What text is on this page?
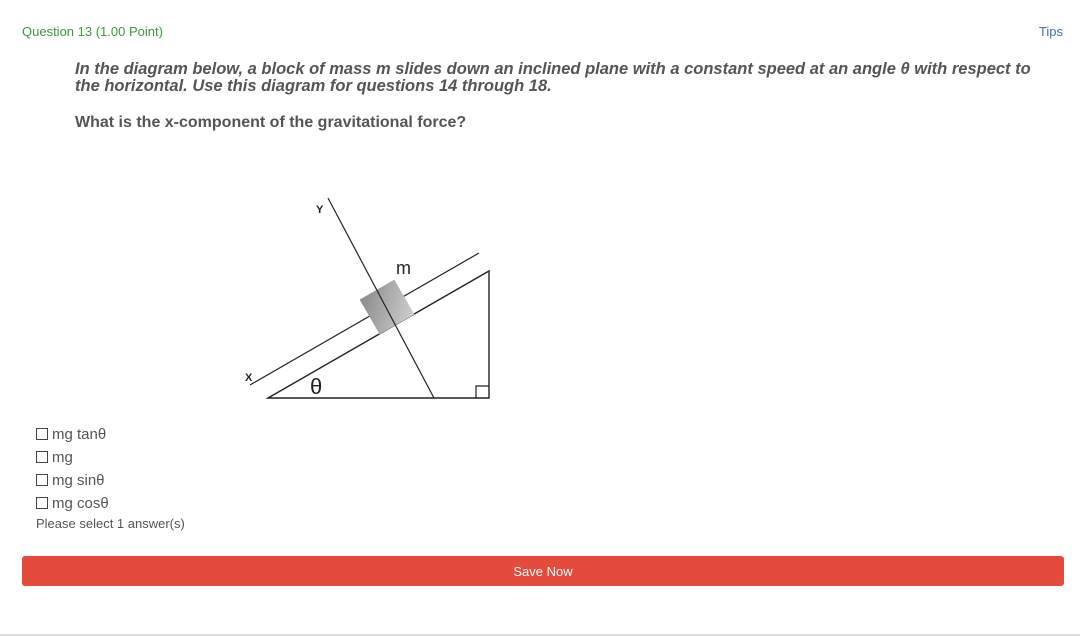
Question 13 (1.00 Point)	Tips
In the diagram below, a block of mass m slides down an inclined plane with a constant speed at an angle θ with respect to the horizontal. Use this diagram for questions 14 through 18.
What is the x-component of the gravitational force?
Y
X
m
θ
mg tanθ
mg
mg sinθ
mg cosθ
Please select 1 answer(s)
Save Now
